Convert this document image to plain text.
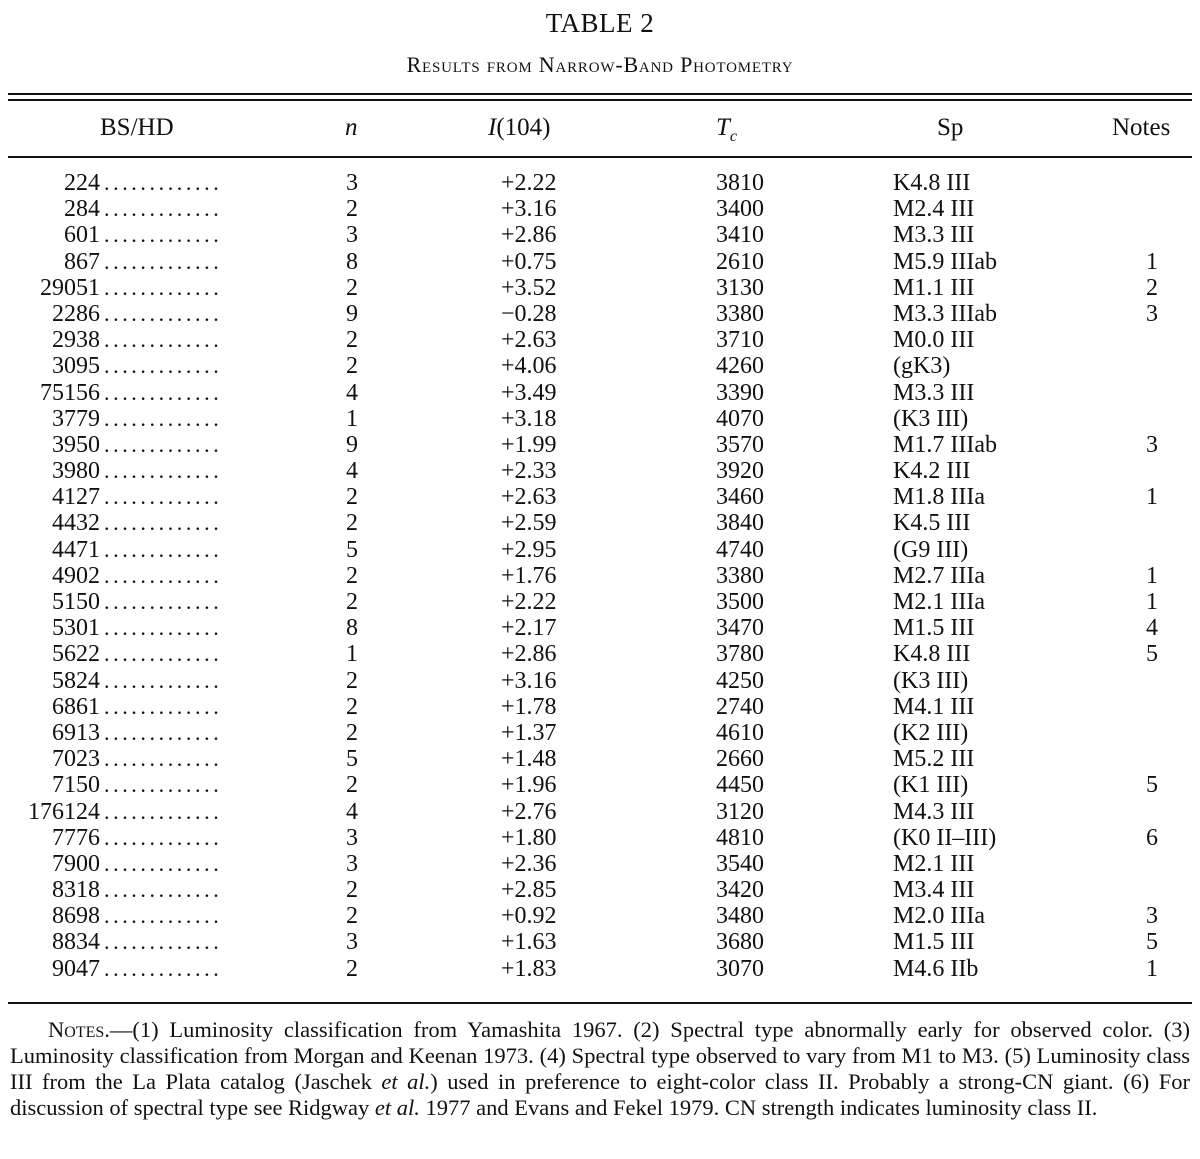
TABLE 2
Results from Narrow-Band Photometry
BS/HD	n	I(104)	$T_c$	Sp	Notes
224 .............	3	+2.22	3810	K4.8 III
284 .............	2	+3.16	3400	M2.4 III
601 .............	3	+2.86	3410	M3.3 III
867 .............	8	+0.75	2610	M5.9 IIIab	1
29051 .............	2	+3.52	3130	M1.1 III	2
2286 .............	9	−0.28	3380	M3.3 IIIab	3
2938 .............	2	+2.63	3710	M0.0 III
3095 .............	2	+4.06	4260	(gK3)
75156 .............	4	+3.49	3390	M3.3 III
3779 .............	1	+3.18	4070	(K3 III)
3950 .............	9	+1.99	3570	M1.7 IIIab	3
3980 .............	4	+2.33	3920	K4.2 III
4127 .............	2	+2.63	3460	M1.8 IIIa	1
4432 .............	2	+2.59	3840	K4.5 III
4471 .............	5	+2.95	4740	(G9 III)
4902 .............	2	+1.76	3380	M2.7 IIIa	1
5150 .............	2	+2.22	3500	M2.1 IIIa	1
5301 .............	8	+2.17	3470	M1.5 III	4
5622 .............	1	+2.86	3780	K4.8 III	5
5824 .............	2	+3.16	4250	(K3 III)
6861 .............	2	+1.78	2740	M4.1 III
6913 .............	2	+1.37	4610	(K2 III)
7023 .............	5	+1.48	2660	M5.2 III
7150 .............	2	+1.96	4450	(K1 III)	5
176124 .............	4	+2.76	3120	M4.3 III
7776 .............	3	+1.80	4810	(K0 II–III)	6
7900 .............	3	+2.36	3540	M2.1 III
8318 .............	2	+2.85	3420	M3.4 III
8698 .............	2	+0.92	3480	M2.0 IIIa	3
8834 .............	3	+1.63	3680	M1.5 III	5
9047 .............	2	+1.83	3070	M4.6 IIb	1
Notes.—(1) Luminosity classification from Yamashita 1967. (2) Spectral type abnormally early for observed color. (3) Luminosity classification from Morgan and Keenan 1973. (4) Spectral type observed to vary from M1 to M3. (5) Luminosity class III from the La Plata catalog (Jaschek et al.) used in preference to eight-color class II. Probably a strong-CN giant. (6) For discussion of spectral type see Ridgway et al. 1977 and Evans and Fekel 1979. CN strength indicates luminosity class II.
